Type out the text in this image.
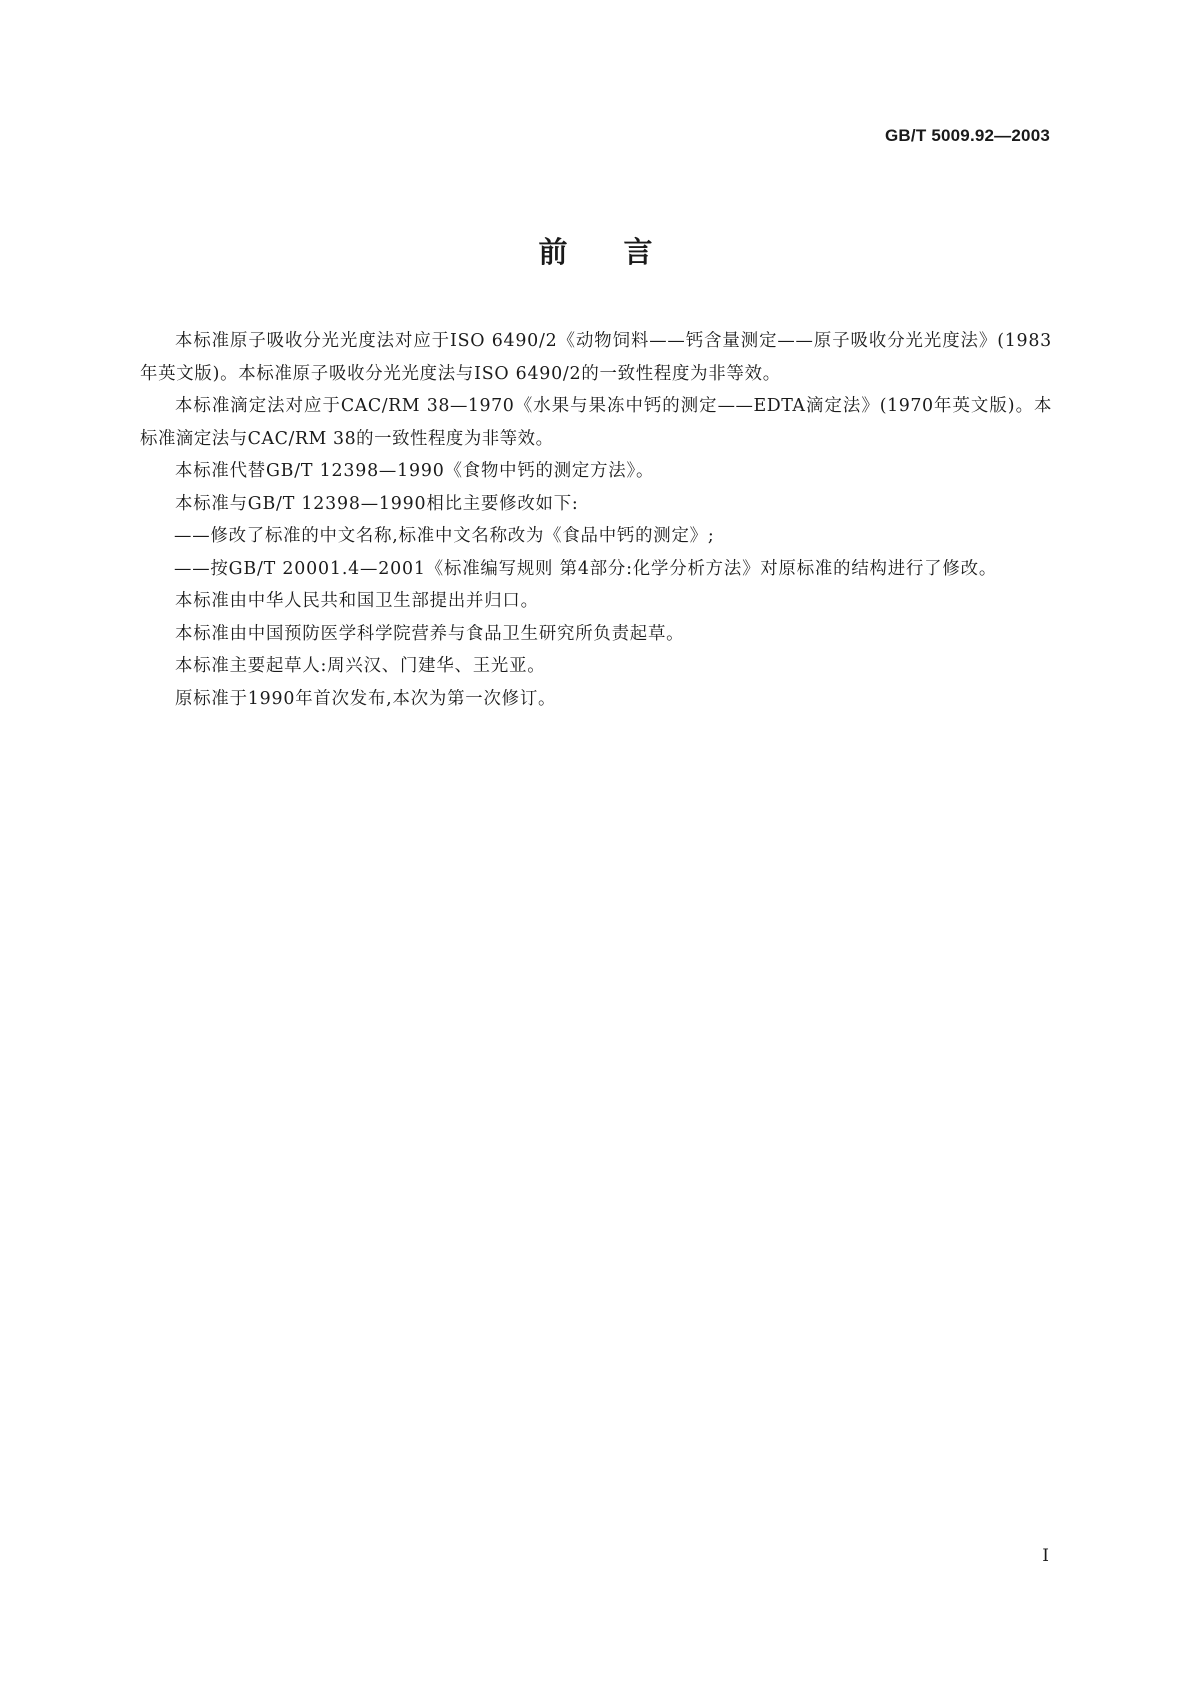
GB/T 5009.92—2003
前言

本标准原子吸收分光光度法对应于ISO 6490/2《动物饲料——钙含量测定——原子吸收分光光度法》(1983年英文版)。本标准原子吸收分光光度法与ISO 6490/2的一致性程度为非等效。

本标准滴定法对应于CAC/RM 38—1970《水果与果冻中钙的测定——EDTA滴定法》(1970年英文版)。本标准滴定法与CAC/RM 38的一致性程度为非等效。

本标准代替GB/T 12398—1990《食物中钙的测定方法》。

本标准与GB/T 12398—1990相比主要修改如下:

——修改了标准的中文名称,标准中文名称改为《食品中钙的测定》;

——按GB/T 20001.4—2001《标准编写规则 第4部分:化学分析方法》对原标准的结构进行了修改。

本标准由中华人民共和国卫生部提出并归口。

本标准由中国预防医学科学院营养与食品卫生研究所负责起草。

本标准主要起草人:周兴汉、门建华、王光亚。

原标准于1990年首次发布,本次为第一次修订。

I
